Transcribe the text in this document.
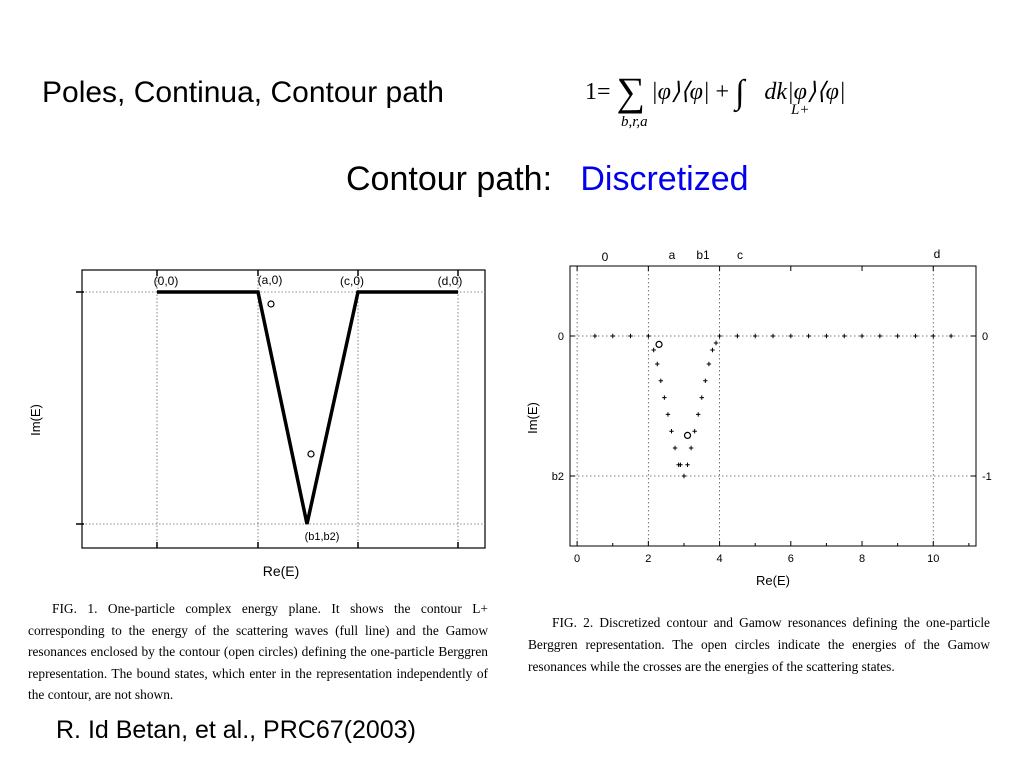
Poles, Continua, Contour path	1= ∑
b,r,a
|φ⟩⟨φ| + ∫	L+
dk|φ⟩⟨φ|
Contour path: Discretized
(0,0)	(a,0)	(c,0)	(d,0)
(b1,b2)
Im(E)
Re(E)
FIG. 1. One-particle complex energy plane. It shows the contour L+ corresponding to the energy of the scattering waves (full line) and the Gamow resonances enclosed by the contour (open circles) defining the one-particle Berggren representation. The bound states, which enter in the representation independently of the contour, are not shown.
0	2	4	6	8	10
0
-1
0
b2
0	a b1 c	d
Im(E)
Re(E)
FIG. 2. Discretized contour and Gamow resonances defining the one-particle Berggren representation. The open circles indicate the energies of the Gamow resonances while the crosses are the energies of the scattering states.
R. Id Betan, et al., PRC67(2003)
